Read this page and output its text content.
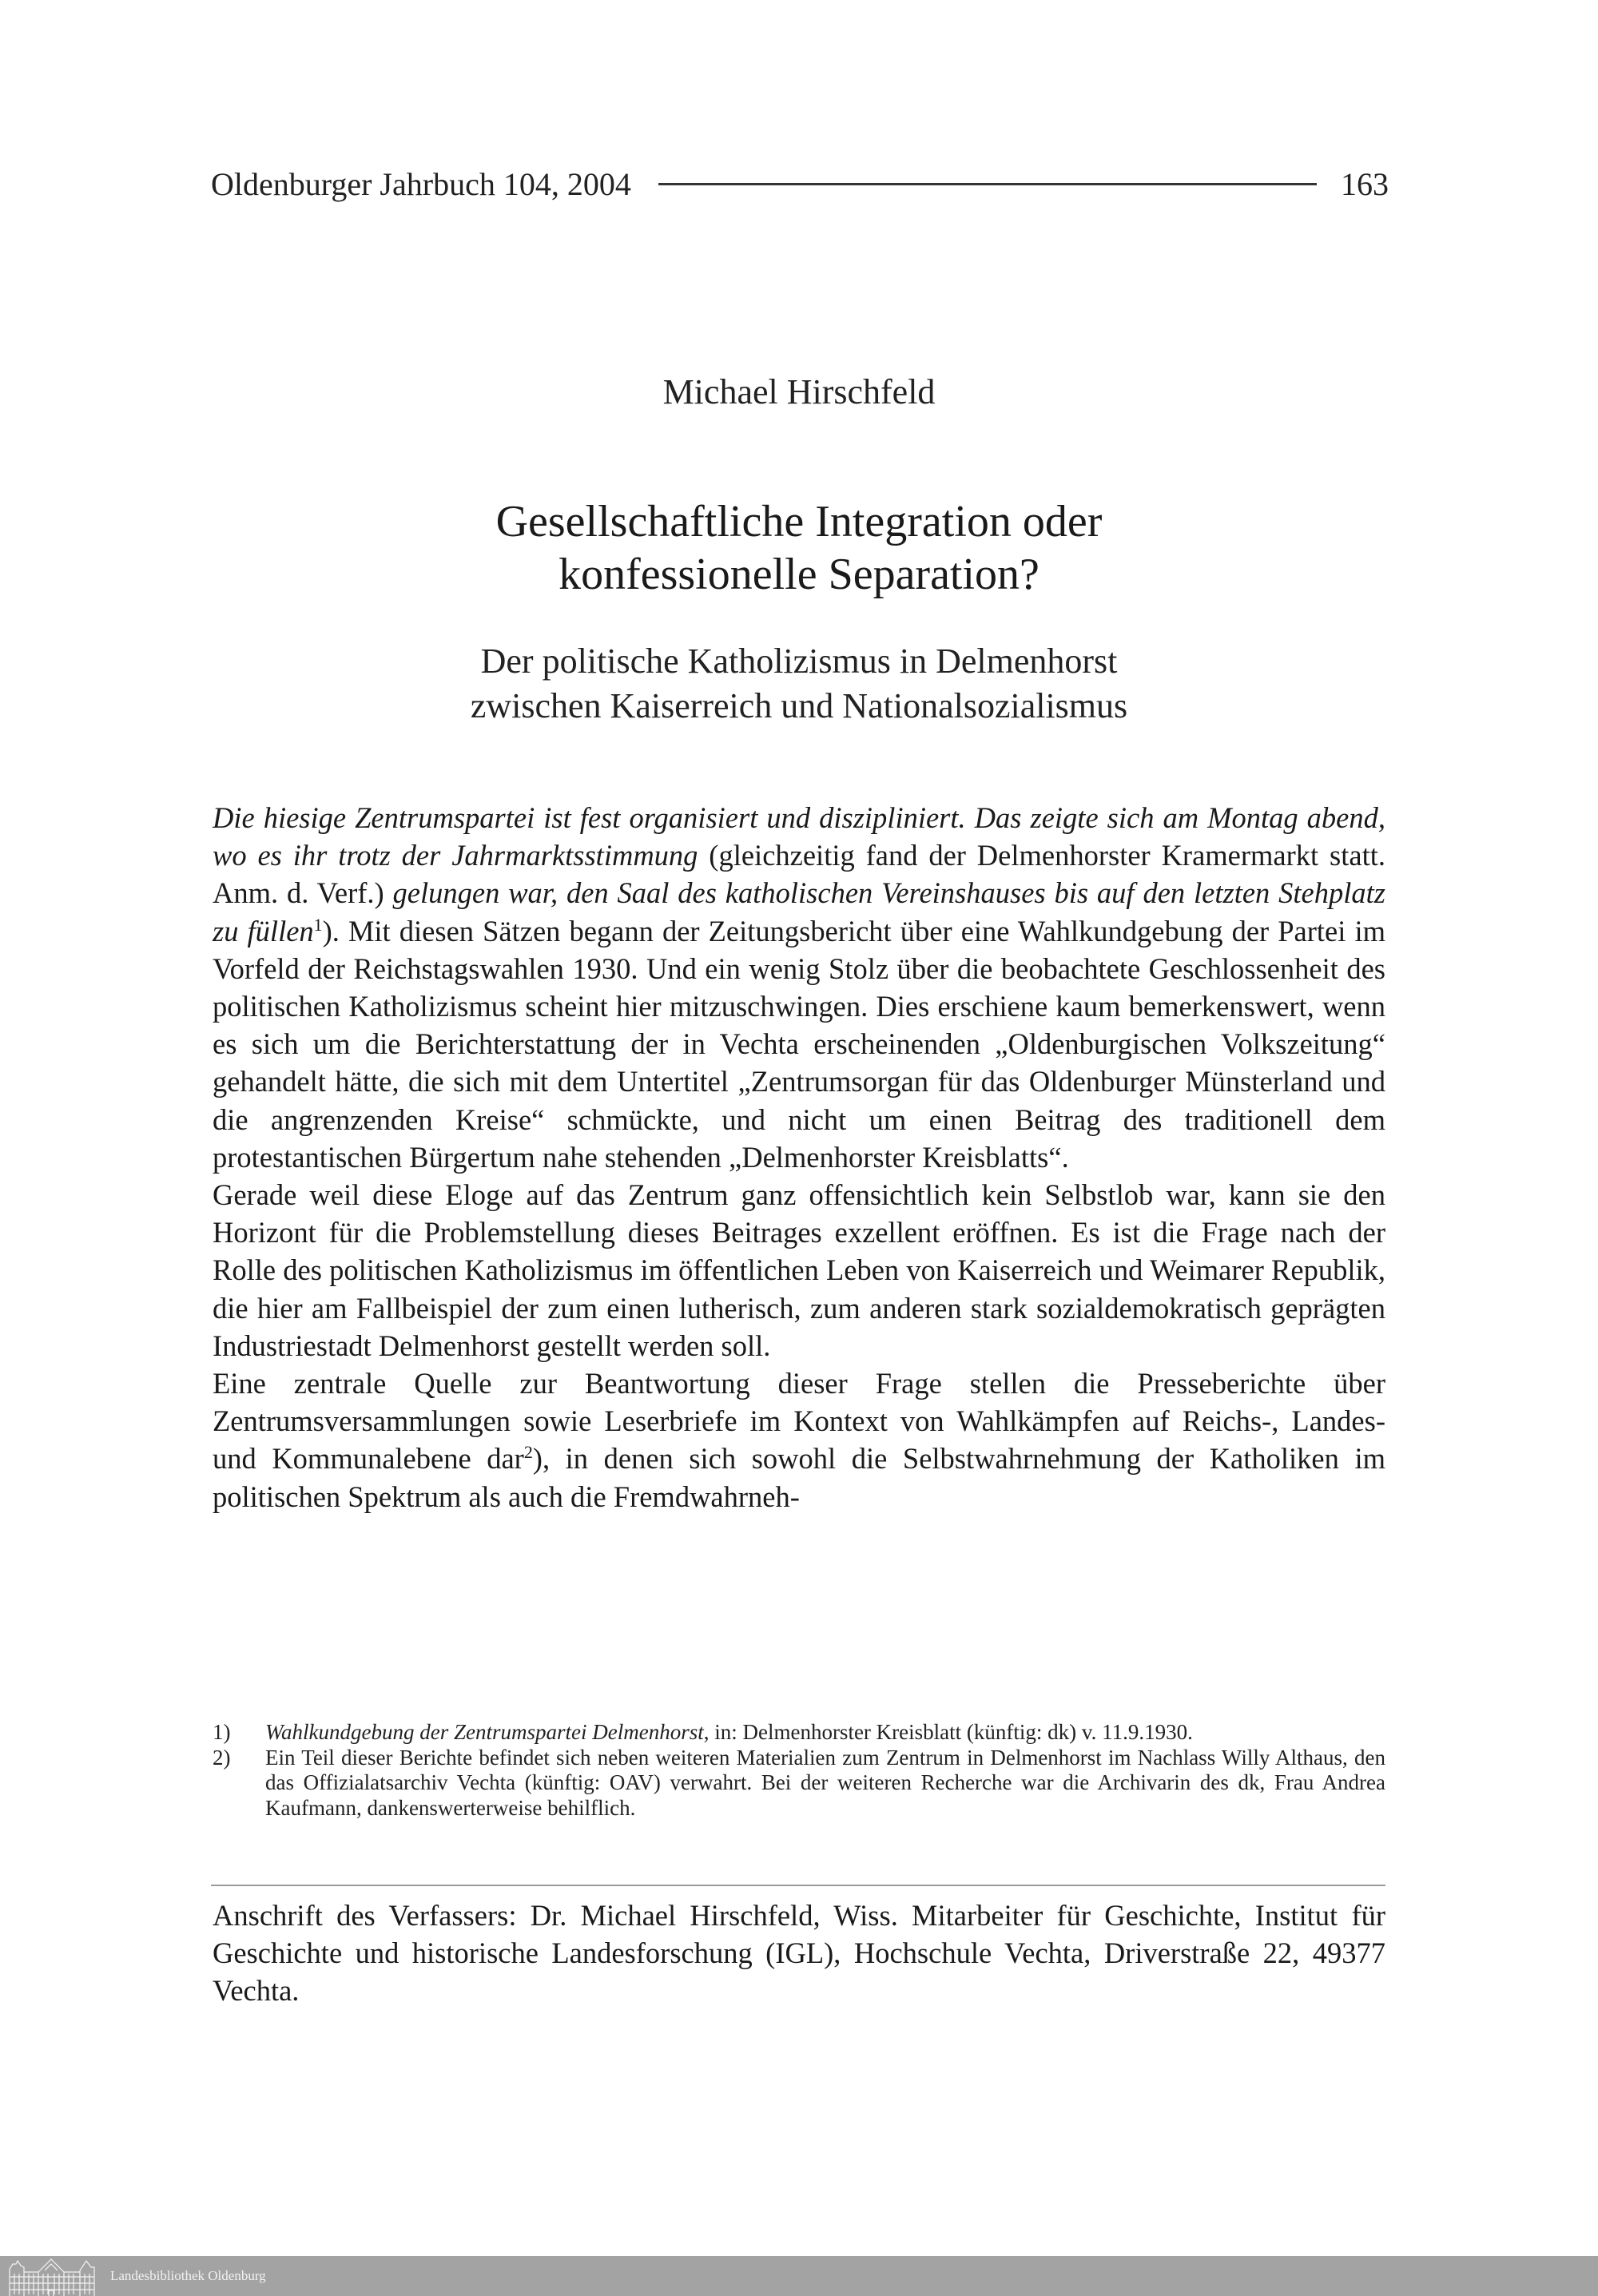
Oldenburger Jahrbuch 104, 2004	163
Michael Hirschfeld
Gesellschaftliche Integration oder
konfessionelle Separation?
Der politische Katholizismus in Delmenhorst
zwischen Kaiserreich und Nationalsozialismus

Die hiesige Zentrumspartei ist fest organisiert und diszipliniert. Das zeigte sich am Montag abend, wo es ihr trotz der Jahrmarktsstimmung (gleichzeitig fand der Delmenhorster Kramermarkt statt. Anm. d. Verf.) gelungen war, den Saal des katholischen Vereinshauses bis auf den letzten Stehplatz zu füllen$^1$). Mit diesen Sätzen begann der Zeitungsbericht über eine Wahlkundgebung der Partei im Vorfeld der Reichstagswahlen 1930. Und ein wenig Stolz über die beobachtete Geschlossenheit des politischen Katholizismus scheint hier mitzuschwingen. Dies erschiene kaum bemerkenswert, wenn es sich um die Berichterstattung der in Vechta erscheinenden „Oldenburgischen Volkszeitung“ gehandelt hätte, die sich mit dem Untertitel „Zentrumsorgan für das Oldenburger Münsterland und die angrenzenden Kreise“ schmückte, und nicht um einen Beitrag des traditionell dem protestantischen Bürgertum nahe stehenden „Delmenhorster Kreisblatts“.

Gerade weil diese Eloge auf das Zentrum ganz offensichtlich kein Selbstlob war, kann sie den Horizont für die Problemstellung dieses Beitrages exzellent eröffnen. Es ist die Frage nach der Rolle des politischen Katholizismus im öffentlichen Leben von Kaiserreich und Weimarer Republik, die hier am Fallbeispiel der zum einen lutherisch, zum anderen stark sozialdemokratisch geprägten Industriestadt Delmenhorst gestellt werden soll.

Eine zentrale Quelle zur Beantwortung dieser Frage stellen die Presseberichte über Zentrumsversammlungen sowie Leserbriefe im Kontext von Wahlkämpfen auf Reichs-, Landes- und Kommunalebene dar$^2$), in denen sich sowohl die Selbstwahrnehmung der Katholiken im politischen Spektrum als auch die Fremdwahrneh-

1)	Wahlkundgebung der Zentrumspartei Delmenhorst, in: Delmenhorster Kreisblatt (künftig: dk) v. 11.9.1930.
2)	Ein Teil dieser Berichte befindet sich neben weiteren Materialien zum Zentrum in Delmenhorst im Nachlass Willy Althaus, den das Offizialatsarchiv Vechta (künftig: OAV) verwahrt. Bei der weiteren Recherche war die Archivarin des dk, Frau Andrea Kaufmann, dankenswerterweise behilflich.

Anschrift des Verfassers: Dr. Michael Hirschfeld, Wiss. Mitarbeiter für Geschichte, Institut für Geschichte und historische Landesforschung (IGL), Hochschule Vechta, Driverstraße 22, 49377 Vechta.

Landesbibliothek Oldenburg
